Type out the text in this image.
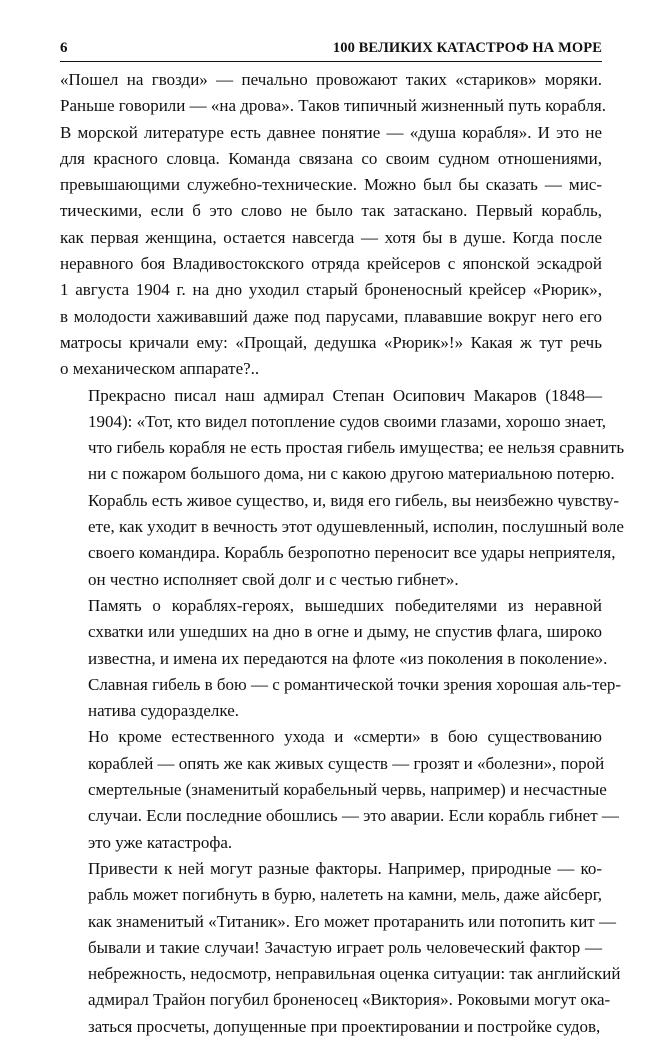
6	100 ВЕЛИКИХ КАТАСТРОФ НА МОРЕ

«Пошел на гвозди» — печально провожают таких «стариков» моряки.
Раньше говорили — «на дрова». Таков типичный жизненный путь корабля.
В морской литературе есть давнее понятие — «душа корабля». И это не
для красного словца. Команда связана со своим судном отношениями,
превышающими служебно-технические. Можно был бы сказать — мис-
тическими, если б это слово не было так затаскано. Первый корабль,
как первая женщина, остается навсегда — хотя бы в душе. Когда после
неравного боя Владивостокского отряда крейсеров с японской эскадрой
1 августа 1904 г. на дно уходил старый броненосный крейсер «Рюрик»,
в молодости хаживавший даже под парусами, плававшие вокруг него его
матросы кричали ему: «Прощай, дедушка «Рюрик»!» Какая ж тут речь
о механическом аппарате?..

Прекрасно писал наш адмирал Степан Осипович Макаров (1848—
1904): «Тот, кто видел потопление судов своими глазами, хорошо знает,
что гибель корабля не есть простая гибель имущества; ее нельзя сравнить
ни с пожаром большого дома, ни с какою другою материальною потерю.
Корабль есть живое существо, и, видя его гибель, вы неизбежно чувству-
ете, как уходит в вечность этот одушевленный, исполин, послушный воле
своего командира. Корабль безропотно переносит все удары неприятеля,
он честно исполняет свой долг и с честью гибнет».

Память о кораблях-героях, вышедших победителями из неравной
схватки или ушедших на дно в огне и дыму, не спустив флага, широко
известна, и имена их передаются на флоте «из поколения в поколение».
Славная гибель в бою — с романтической точки зрения хорошая аль-тер-
натива судоразделке.

Но кроме естественного ухода и «смерти» в бою существованию
кораблей — опять же как живых существ — грозят и «болезни», порой
смертельные (знаменитый корабельный червь, например) и несчастные
случаи. Если последние обошлись — это аварии. Если корабль гибнет —
это уже катастрофа.

Привести к ней могут разные факторы. Например, природные — ко-
рабль может погибнуть в бурю, налететь на камни, мель, даже айсберг,
как знаменитый «Титаник». Его может протаранить или потопить кит —
бывали и такие случаи! Зачастую играет роль человеческий фактор —
небрежность, недосмотр, неправильная оценка ситуации: так английский
адмирал Трайон погубил броненосец «Виктория». Роковыми могут ока-
заться просчеты, допущенные при проектировании и постройке судов,
